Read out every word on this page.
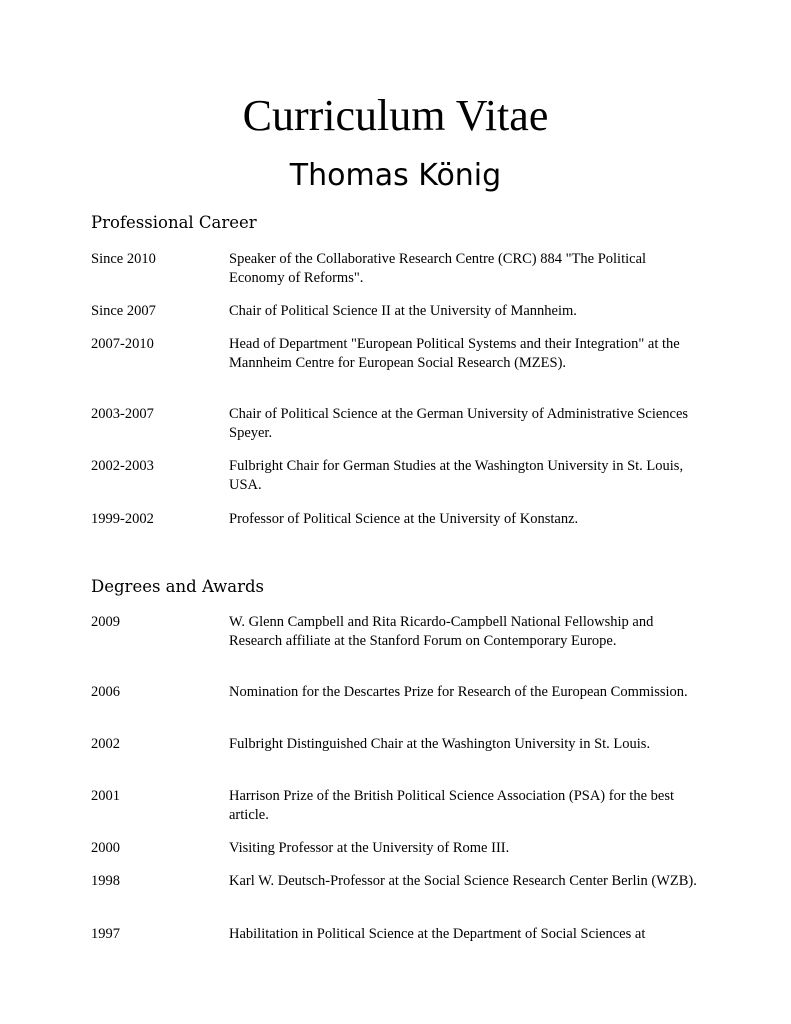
Curriculum Vitae
Thomas König
Professional Career
Since 2010	Speaker of the Collaborative Research Centre (CRC) 884 "The Political Economy of Reforms".
Since 2007	Chair of Political Science II at the University of Mannheim.
2007-2010	Head of Department "European Political Systems and their Integration" at the Mannheim Centre for European Social Research (MZES).
2003-2007	Chair of Political Science at the German University of Administrative Sciences Speyer.
2002-2003	Fulbright Chair for German Studies at the Washington University in St. Louis, USA.
1999-2002	Professor of Political Science at the University of Konstanz.
Degrees and Awards
2009	W. Glenn Campbell and Rita Ricardo-Campbell National Fellowship and   Research affiliate at the Stanford Forum on Contemporary Europe.
2006	Nomination for the Descartes Prize for Research of the European Commission.
2002	Fulbright Distinguished Chair at the Washington University in St. Louis.
2001	Harrison Prize of the British Political Science Association (PSA) for the best article.
2000	Visiting Professor at the University of Rome III.
1998	Karl W. Deutsch-Professor at the Social Science Research Center Berlin (WZB).
1997	Habilitation in Political Science at the Department of Social Sciences at
